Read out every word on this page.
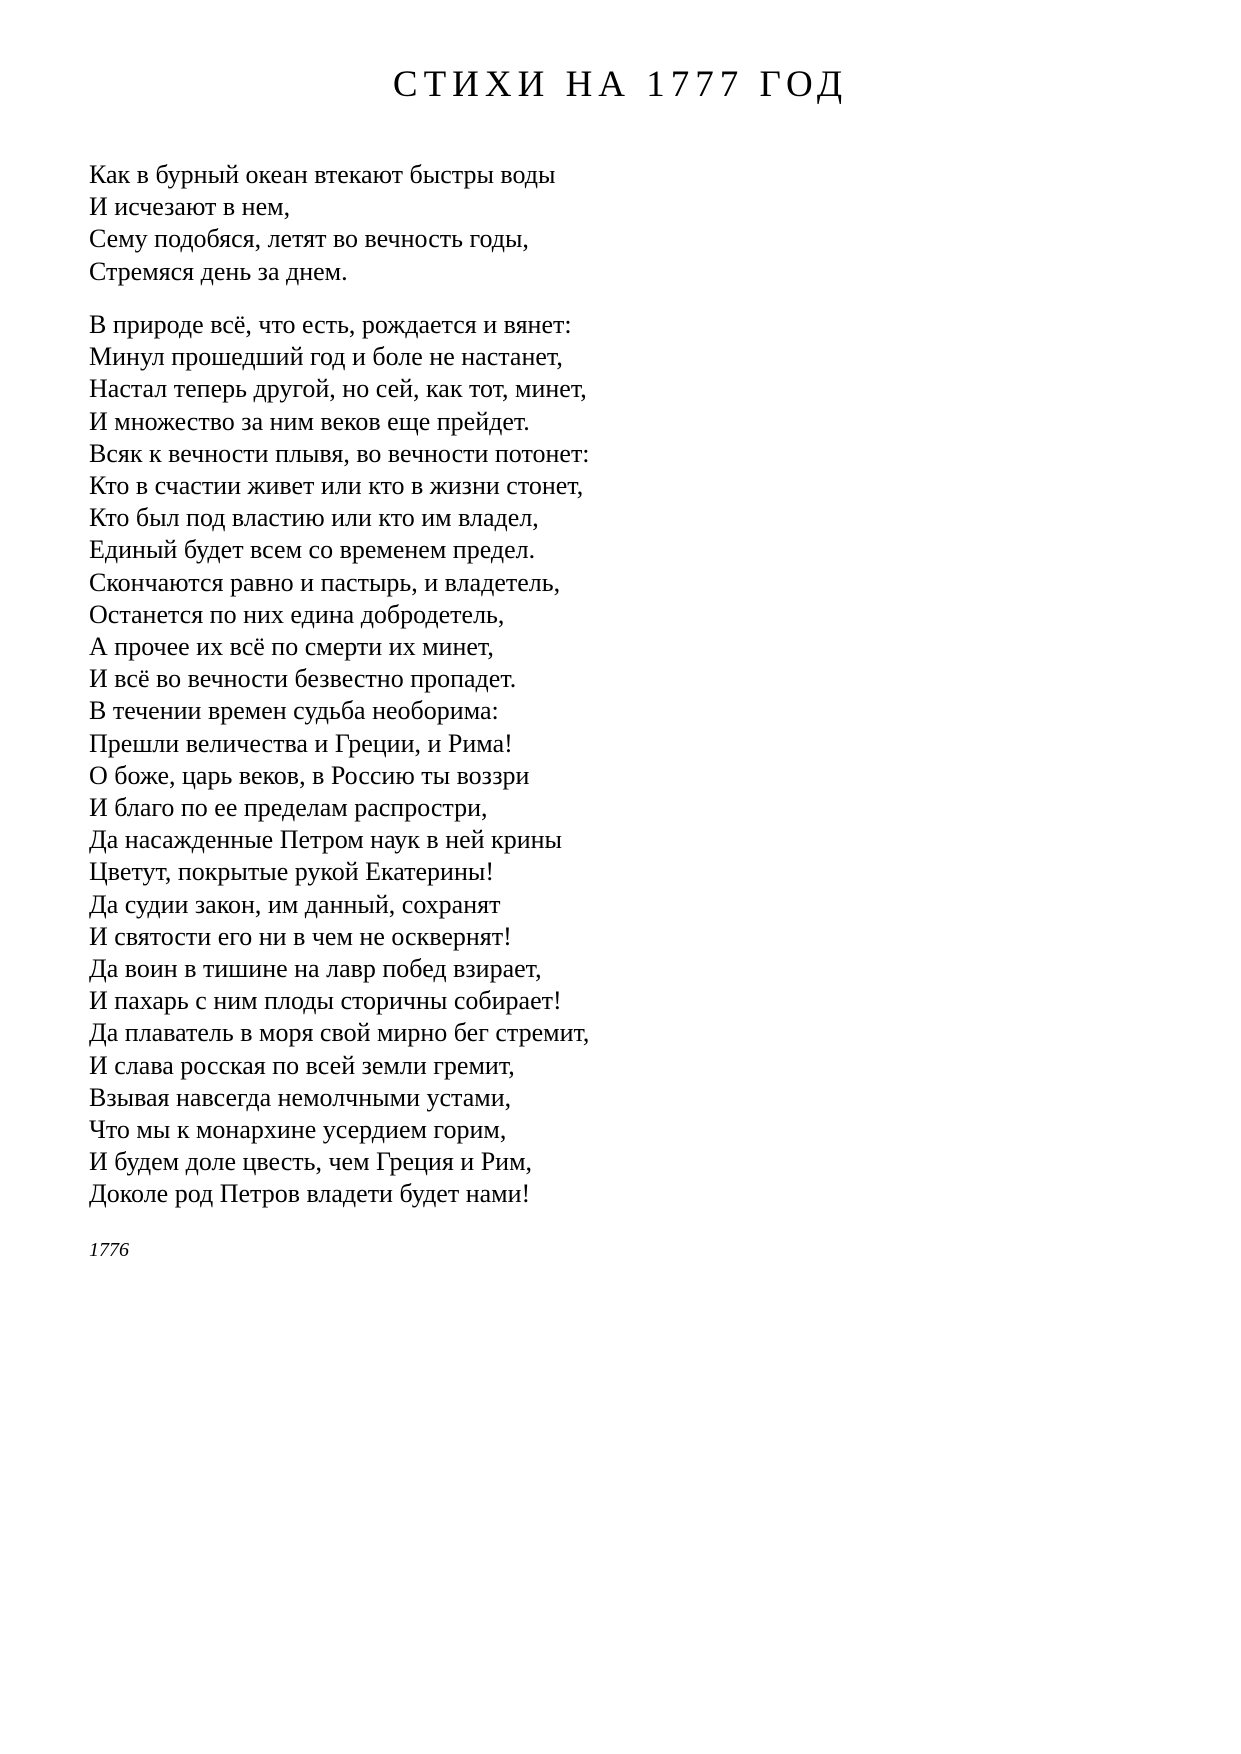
СТИХИ НА 1777 ГОД
Как в бурный океан втекают быстры воды
И исчезают в нем,
Сему подобяся, летят во вечность годы,
Стремяся день за днем.
В природе всё, что есть, рождается и вянет:
Минул прошедший год и боле не настанет,
Настал теперь другой, но сей, как тот, минет,
И множество за ним веков еще прейдет.
Всяк к вечности плывя, во вечности потонет:
Кто в счастии живет или кто в жизни стонет,
Кто был под властию или кто им владел,
Единый будет всем со временем предел.
Скончаются равно и пастырь, и владетель,
Останется по них едина добродетель,
А прочее их всё по смерти их минет,
И всё во вечности безвестно пропадет.
В течении времен судьба необорима:
Прешли величества и Греции, и Рима!
О боже, царь веков, в Россию ты воззри
И благо по ее пределам распростри,
Да насажденные Петром наук в ней крины
Цветут, покрытые рукой Екатерины!
Да судии закон, им данный, сохранят
И святости его ни в чем не осквернят!
Да воин в тишине на лавр побед взирает,
И пахарь с ним плоды сторичны собирает!
Да плаватель в моря свой мирно бег стремит,
И слава росская по всей земли гремит,
Взывая навсегда немолчными устами,
Что мы к монархине усердием горим,
И будем доле цвесть, чем Греция и Рим,
Доколе род Петров владети будет нами!
1776
